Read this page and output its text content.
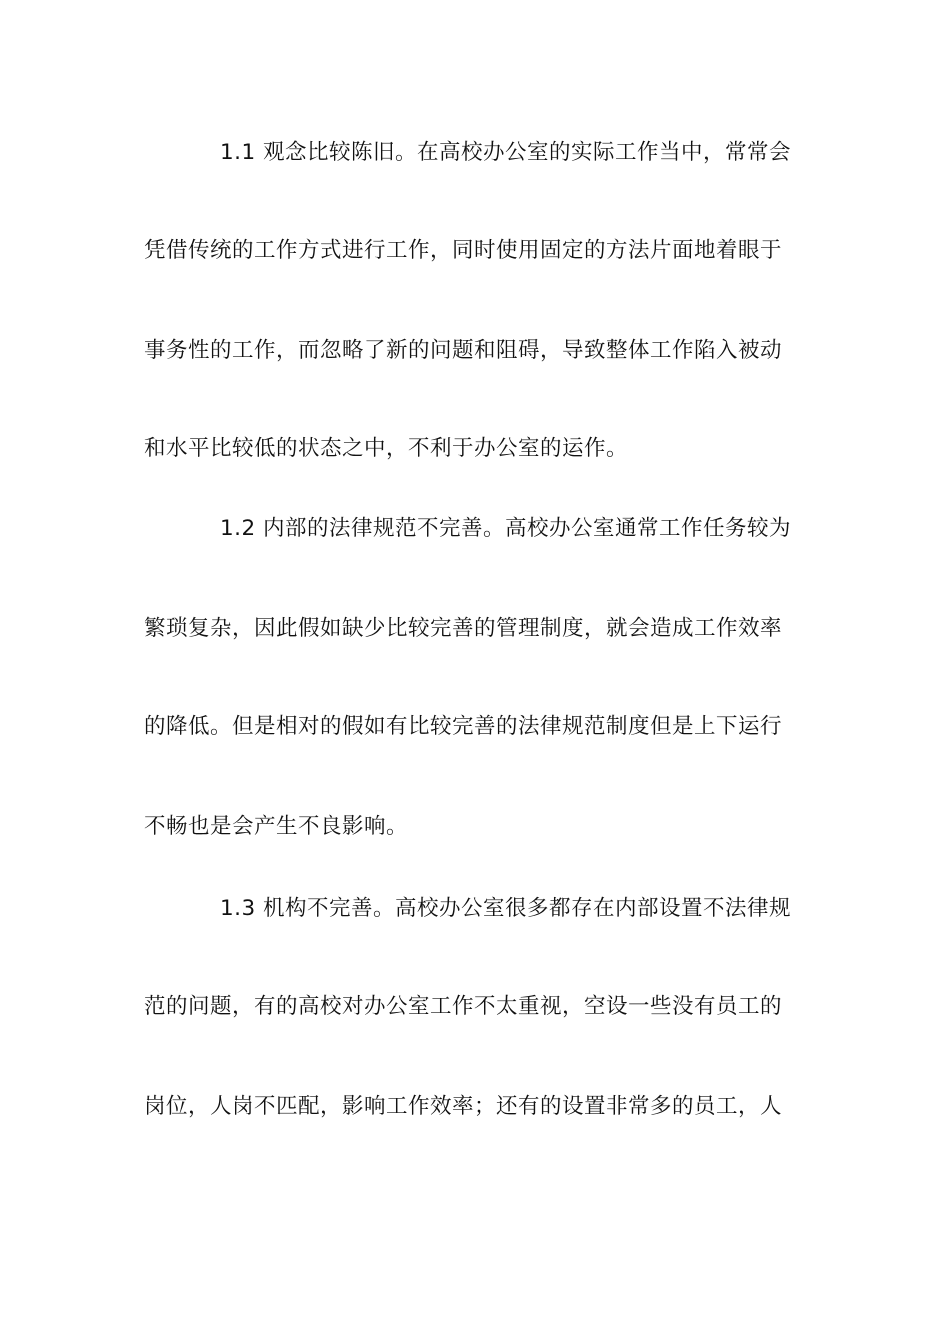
1.1 观念比较陈旧。在高校办公室的实际工作当中，常常会
凭借传统的工作方式进行工作，同时使用固定的方法片面地着眼于
事务性的工作，而忽略了新的问题和阻碍，导致整体工作陷入被动
和水平比较低的状态之中，不利于办公室的运作。
1.2 内部的法律规范不完善。高校办公室通常工作任务较为
繁琐复杂，因此假如缺少比较完善的管理制度，就会造成工作效率
的降低。但是相对的假如有比较完善的法律规范制度但是上下运行
不畅也是会产生不良影响。
1.3 机构不完善。高校办公室很多都存在内部设置不法律规
范的问题，有的高校对办公室工作不太重视，空设一些没有员工的
岗位，人岗不匹配，影响工作效率；还有的设置非常多的员工，人
